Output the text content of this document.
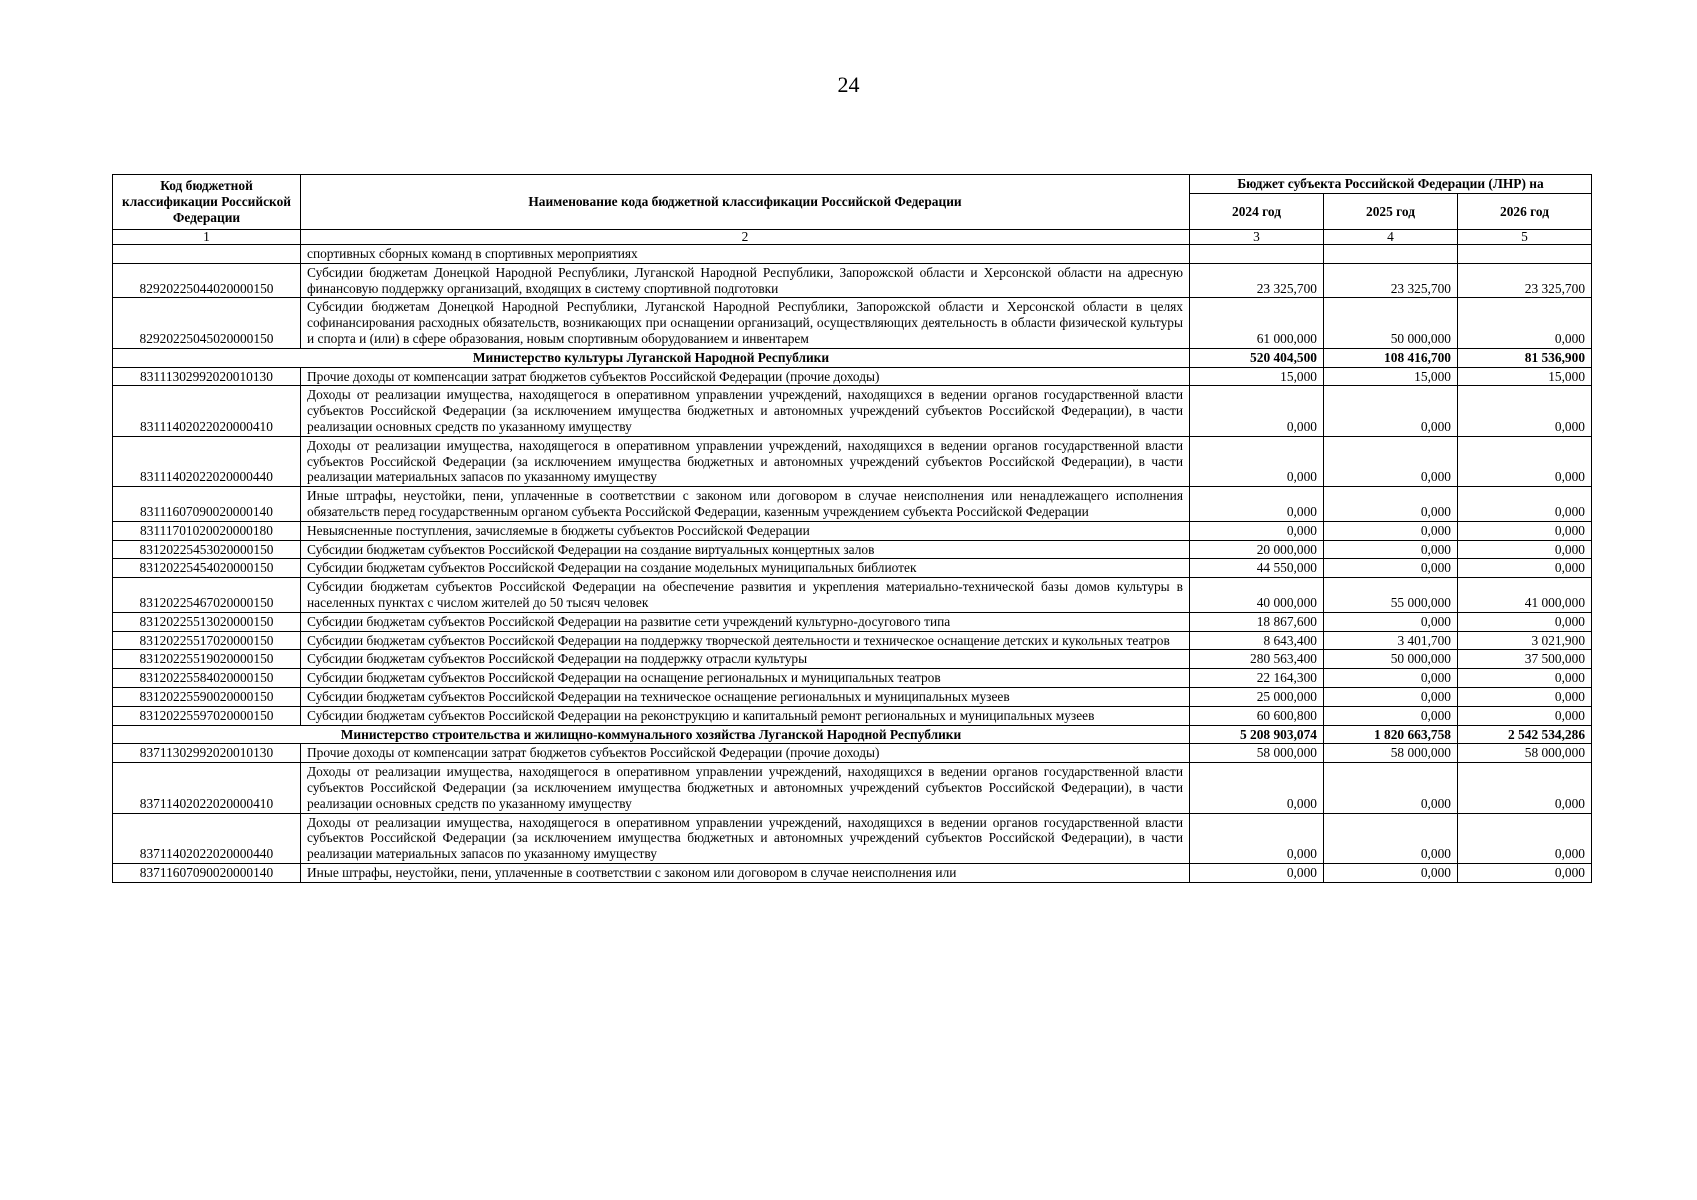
24
Код бюджетной классификации Российской Федерации	Наименование кода бюджетной классификации Российской Федерации	Бюджет субъекта Российской Федерации (ЛНР) на		
		2024 год	2025 год	2026 год
1	2	3	4	5
	спортивных сборных команд в спортивных мероприятиях			
82920225044020000150	Субсидии бюджетам Донецкой Народной Республики, Луганской Народной Республики, Запорожской области и Херсонской области на адресную финансовую поддержку организаций, входящих в систему спортивной подготовки	23 325,700	23 325,700	23 325,700
82920225045020000150	Субсидии бюджетам Донецкой Народной Республики, Луганской Народной Республики, Запорожской области и Херсонской области в целях софинансирования расходных обязательств, возникающих при оснащении организаций, осуществляющих деятельность в области физической культуры и спорта и (или) в сфере образования, новым спортивным оборудованием и инвентарем	61 000,000	50 000,000	0,000
Министерство культуры Луганской Народной Республики		520 404,500	108 416,700	81 536,900
83111302992020010130	Прочие доходы от компенсации затрат бюджетов субъектов Российской Федерации (прочие доходы)	15,000	15,000	15,000
83111402022020000410	Доходы от реализации имущества, находящегося в оперативном управлении учреждений, находящихся в ведении органов государственной власти субъектов Российской Федерации (за исключением имущества бюджетных и автономных учреждений субъектов Российской Федерации), в части реализации основных средств по указанному имуществу	0,000	0,000	0,000
83111402022020000440	Доходы от реализации имущества, находящегося в оперативном управлении учреждений, находящихся в ведении органов государственной власти субъектов Российской Федерации (за исключением имущества бюджетных и автономных учреждений субъектов Российской Федерации), в части реализации материальных запасов по указанному имуществу	0,000	0,000	0,000
83111607090020000140	Иные штрафы, неустойки, пени, уплаченные в соответствии с законом или договором в случае неисполнения или ненадлежащего исполнения обязательств перед государственным органом субъекта Российской Федерации, казенным учреждением субъекта Российской Федерации	0,000	0,000	0,000
83111701020020000180	Невыясненные поступления, зачисляемые в бюджеты субъектов Российской Федерации	0,000	0,000	0,000
83120225453020000150	Субсидии бюджетам субъектов Российской Федерации на создание виртуальных концертных залов	20 000,000	0,000	0,000
83120225454020000150	Субсидии бюджетам субъектов Российской Федерации на создание модельных муниципальных библиотек	44 550,000	0,000	0,000
83120225467020000150	Субсидии бюджетам субъектов Российской Федерации на обеспечение развития и укрепления материально-технической базы домов культуры в населенных пунктах с числом жителей до 50 тысяч человек	40 000,000	55 000,000	41 000,000
83120225513020000150	Субсидии бюджетам субъектов Российской Федерации на развитие сети учреждений культурно-досугового типа	18 867,600	0,000	0,000
83120225517020000150	Субсидии бюджетам субъектов Российской Федерации на поддержку творческой деятельности и техническое оснащение детских и кукольных театров	8 643,400	3 401,700	3 021,900
83120225519020000150	Субсидии бюджетам субъектов Российской Федерации на поддержку отрасли культуры	280 563,400	50 000,000	37 500,000
83120225584020000150	Субсидии бюджетам субъектов Российской Федерации на оснащение региональных и муниципальных театров	22 164,300	0,000	0,000
83120225590020000150	Субсидии бюджетам субъектов Российской Федерации на техническое оснащение региональных и муниципальных музеев	25 000,000	0,000	0,000
83120225597020000150	Субсидии бюджетам субъектов Российской Федерации на реконструкцию и капитальный ремонт региональных и муниципальных музеев	60 600,800	0,000	0,000
Министерство строительства и жилищно-коммунального хозяйства Луганской Народной Республики		5 208 903,074	1 820 663,758	2 542 534,286
83711302992020010130	Прочие доходы от компенсации затрат бюджетов субъектов Российской Федерации (прочие доходы)	58 000,000	58 000,000	58 000,000
83711402022020000410	Доходы от реализации имущества, находящегося в оперативном управлении учреждений, находящихся в ведении органов государственной власти субъектов Российской Федерации (за исключением имущества бюджетных и автономных учреждений субъектов Российской Федерации), в части реализации основных средств по указанному имуществу	0,000	0,000	0,000
83711402022020000440	Доходы от реализации имущества, находящегося в оперативном управлении учреждений, находящихся в ведении органов государственной власти субъектов Российской Федерации (за исключением имущества бюджетных и автономных учреждений субъектов Российской Федерации), в части реализации материальных запасов по указанному имуществу	0,000	0,000	0,000
83711607090020000140	Иные штрафы, неустойки, пени, уплаченные в соответствии с законом или договором в случае неисполнения или	0,000	0,000	0,000
